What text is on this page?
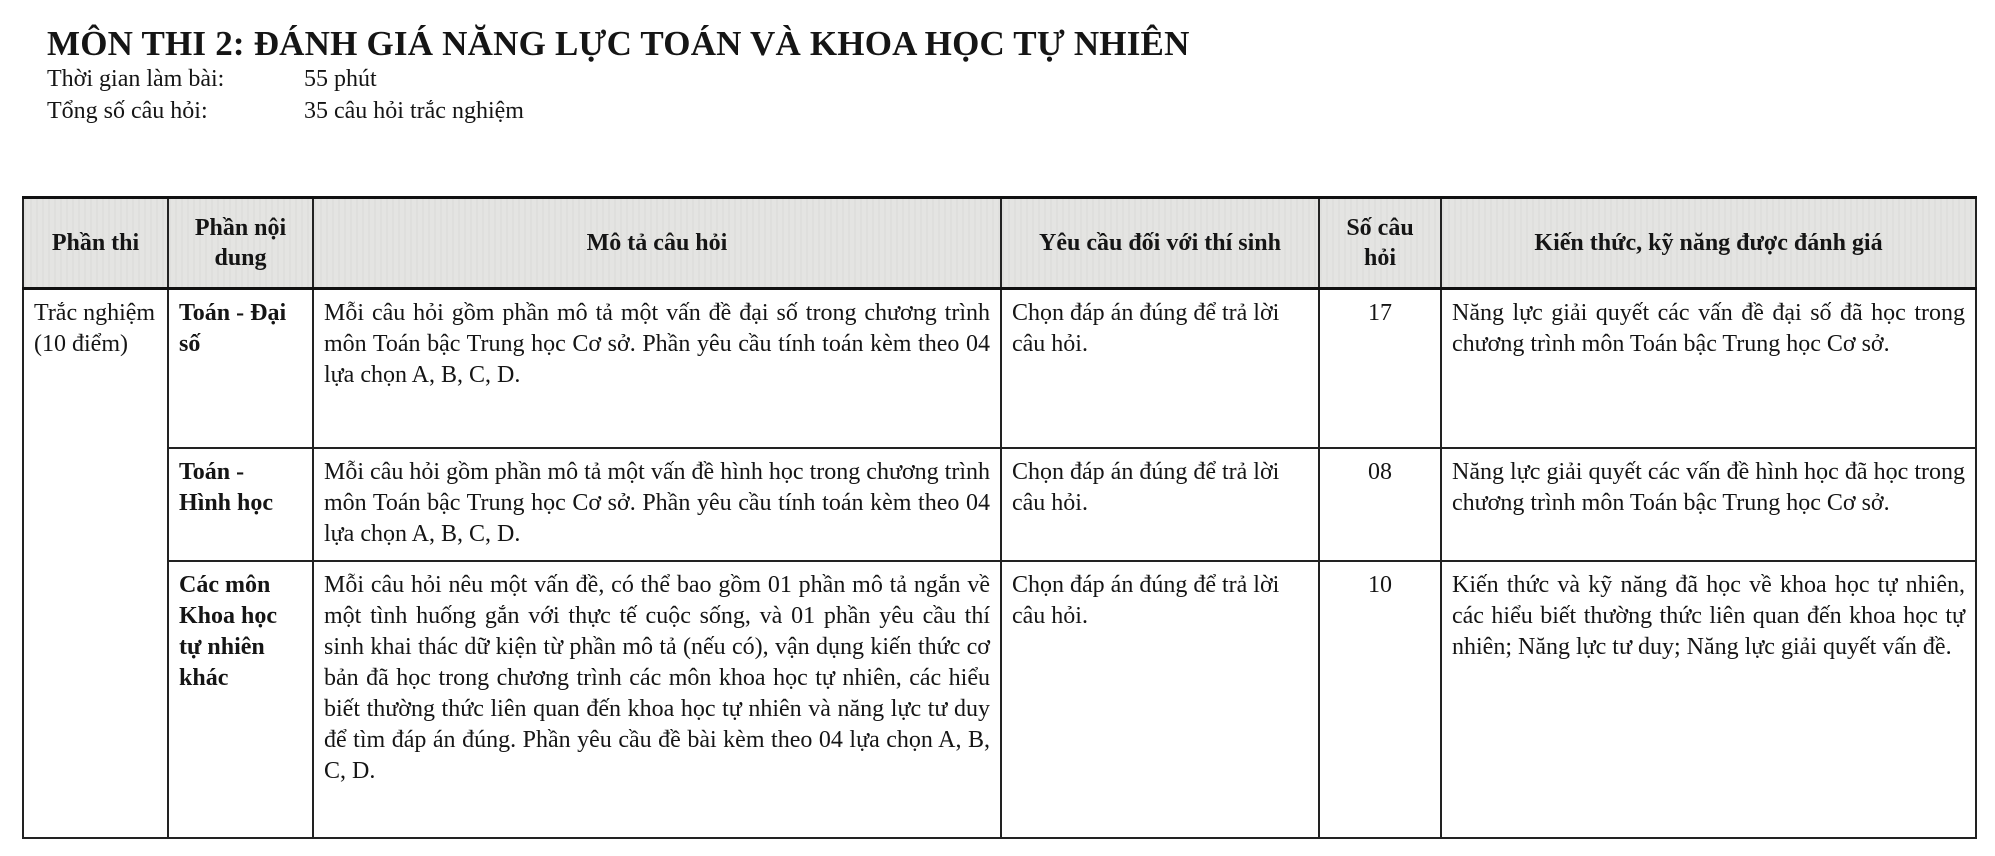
MÔN THI 2: ĐÁNH GIÁ NĂNG LỰC TOÁN VÀ KHOA HỌC TỰ NHIÊN
Thời gian làm bài:	55 phút
Tổng số câu hỏi:	35 câu hỏi trắc nghiệm
Phần thi	Phần nội dung	Mô tả câu hỏi	Yêu cầu đối với thí sinh	Số câu hỏi	Kiến thức, kỹ năng được đánh giá
Trắc nghiệm (10 điểm)	Toán - Đại số	Mỗi câu hỏi gồm phần mô tả một vấn đề đại số trong chương trình môn Toán bậc Trung học Cơ sở. Phần yêu cầu tính toán kèm theo 04 lựa chọn A, B, C, D.	Chọn đáp án đúng để trả lời câu hỏi.	17	Năng lực giải quyết các vấn đề đại số đã học trong chương trình môn Toán bậc Trung học Cơ sở.
	Toán - Hình học	Mỗi câu hỏi gồm phần mô tả một vấn đề hình học trong chương trình môn Toán bậc Trung học Cơ sở. Phần yêu cầu tính toán kèm theo 04 lựa chọn A, B, C, D.	Chọn đáp án đúng để trả lời câu hỏi.	08	Năng lực giải quyết các vấn đề hình học đã học trong chương trình môn Toán bậc Trung học Cơ sở.
	Các môn Khoa học tự nhiên khác	Mỗi câu hỏi nêu một vấn đề, có thể bao gồm 01 phần mô tả ngắn về một tình huống gắn với thực tế cuộc sống, và 01 phần yêu cầu thí sinh khai thác dữ kiện từ phần mô tả (nếu có), vận dụng kiến thức cơ bản đã học trong chương trình các môn khoa học tự nhiên, các hiểu biết thường thức liên quan đến khoa học tự nhiên và năng lực tư duy để tìm đáp án đúng. Phần yêu cầu đề bài kèm theo 04 lựa chọn A, B, C, D.	Chọn đáp án đúng để trả lời câu hỏi.	10	Kiến thức và kỹ năng đã học về khoa học tự nhiên, các hiểu biết thường thức liên quan đến khoa học tự nhiên; Năng lực tư duy; Năng lực giải quyết vấn đề.
